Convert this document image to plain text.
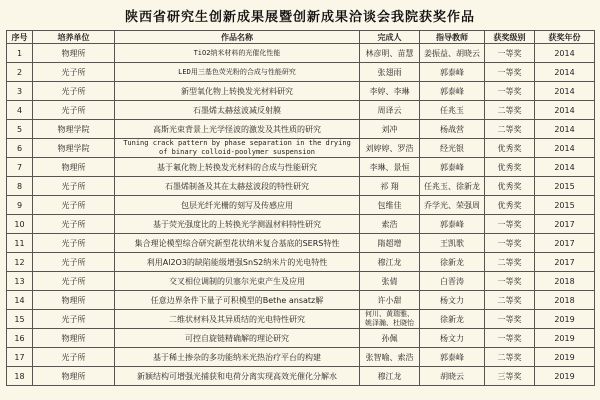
陕西省研究生创新成果展暨创新成果洽谈会我院获奖作品
序号	培养单位	作品名称	完成人	指导教师	获奖级别	获奖年份
1	物理所	TiO2纳米材料的光催化性能	林彦明、苗慧	姜振益、胡晓云	一等奖	2014
2	光子所	LED用三基色荧光粉的合成与性能研究	张翅雨	郭泰峰	一等奖	2014
3	光子所	新型氧化物上转换发光材料研究	李婷、李琳	郭泰峰	一等奖	2014
4	光子所	石墨烯太赫兹波减反射膜	周译云	任兆玉	二等奖	2014
5	物理学院	高斯光束背景上光学怪波的激发及其性质的研究	刘冲	杨战营	二等奖	2014
6	物理学院	Tuning crack pattern by phase separation in the drying of binary colloid-poolymer suspension	刘婷婷、罗浩	经光银	优秀奖	2014
7	物理所	基于氟化物上转换发光材料的合成与性能研究	李琳、景恒	郭泰峰	优秀奖	2014
8	光子所	石墨烯制备及其在太赫兹波段的特性研究	祁 翔	任兆玉、徐新龙	优秀奖	2015
9	光子所	包层光纤光栅的刻写及传感应用	包维佳	乔学光、荣强周	优秀奖	2015
10	光子所	基于荧光强度比的上转换光学测温材料特性研究	索浩	郭泰峰	一等奖	2017
11	光子所	集合理论模型综合研究新型花状纳米复合基底的SERS特性	隋超增	王凯歌	一等奖	2017
12	光子所	利用Al2O3的缺陷能级增强SnS2纳米片的光电特性	穆江龙	徐新龙	二等奖	2017
13	光子所	交叉相位调制的贝塞尔光束产生及应用	张倩	白晋涛	一等奖	2018
14	物理所	任意边界条件下量子可积模型的Bethe ansatz解	许小甜	杨文力	二等奖	2018
15	光子所	二维状材料及其异质结的光电特性研究	何川、黄瑞雅、姚泽瀚、杜晓怡	徐新龙	一等奖	2019
16	物理所	可控自旋链精确解的理论研究	孙佩	杨文力	一等奖	2019
17	光子所	基于稀土掺杂的多功能纳米光热治疗平台的构建	张智喻、索浩	郭泰峰	二等奖	2019
18	物理所	新颖结构可增强光捕获和电荷分离实现高效光催化分解水	穆江龙	胡晓云	三等奖	2019
